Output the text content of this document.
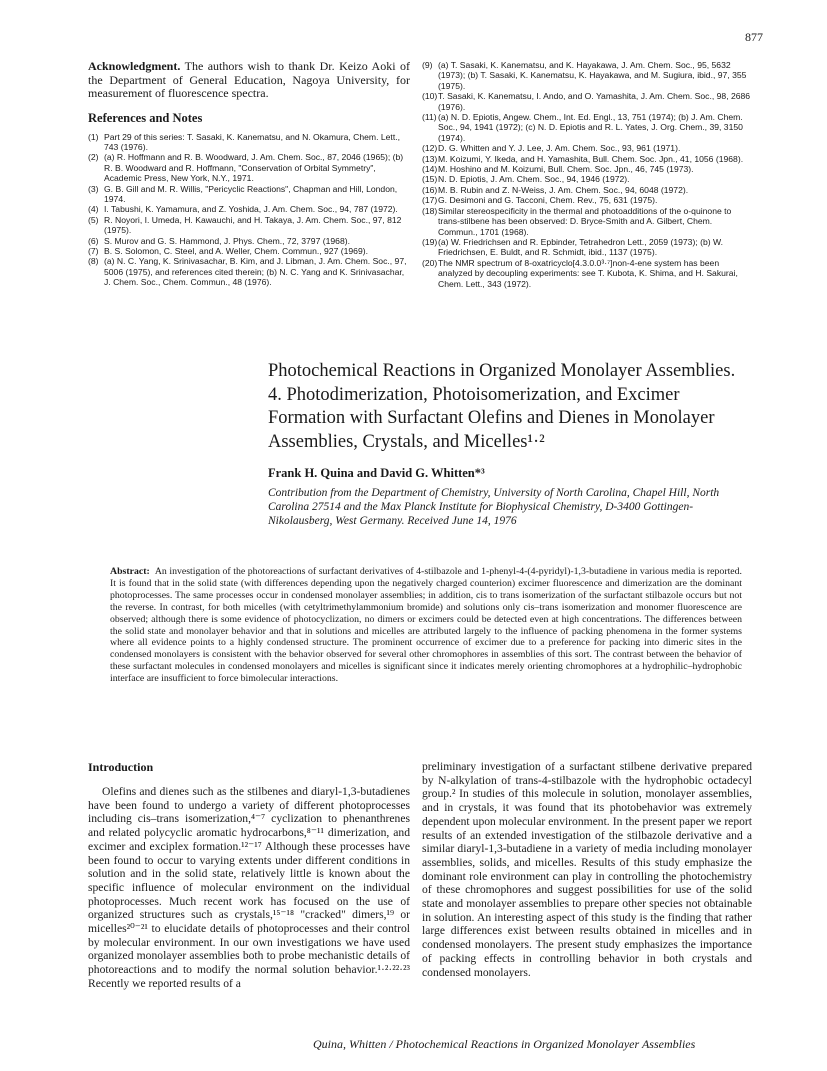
877

Acknowledgment. The authors wish to thank Dr. Keizo Aoki of the Department of General Education, Nagoya University, for measurement of fluorescence spectra.

References and Notes

(1) Part 29 of this series: T. Sasaki, K. Kanematsu, and N. Okamura, Chem. Lett., 743 (1976).
(2) (a) R. Hoffmann and R. B. Woodward, J. Am. Chem. Soc., 87, 2046 (1965); (b) R. B. Woodward and R. Hoffmann, "Conservation of Orbital Symmetry", Academic Press, New York, N.Y., 1971.
(3) G. B. Gill and M. R. Willis, "Pericyclic Reactions", Chapman and Hill, London, 1974.
(4) I. Tabushi, K. Yamamura, and Z. Yoshida, J. Am. Chem. Soc., 94, 787 (1972).
(5) R. Noyori, I. Umeda, H. Kawauchi, and H. Takaya, J. Am. Chem. Soc., 97, 812 (1975).
(6) S. Murov and G. S. Hammond, J. Phys. Chem., 72, 3797 (1968).
(7) B. S. Solomon, C. Steel, and A. Weller, Chem. Commun., 927 (1969).
(8) (a) N. C. Yang, K. Srinivasachar, B. Kim, and J. Libman, J. Am. Chem. Soc., 97, 5006 (1975), and references cited therein; (b) N. C. Yang and K. Srinivasachar, J. Chem. Soc., Chem. Commun., 48 (1976).
(9) (a) T. Sasaki, K. Kanematsu, and K. Hayakawa, J. Am. Chem. Soc., 95, 5632 (1973); (b) T. Sasaki, K. Kanematsu, K. Hayakawa, and M. Sugiura, ibid., 97, 355 (1975).
(10) T. Sasaki, K. Kanematsu, I. Ando, and O. Yamashita, J. Am. Chem. Soc., 98, 2686 (1976).
(11) (a) N. D. Epiotis, Angew. Chem., Int. Ed. Engl., 13, 751 (1974); (b) J. Am. Chem. Soc., 94, 1941 (1972); (c) N. D. Epiotis and R. L. Yates, J. Org. Chem., 39, 3150 (1974).
(12) D. G. Whitten and Y. J. Lee, J. Am. Chem. Soc., 93, 961 (1971).
(13) M. Koizumi, Y. Ikeda, and H. Yamashita, Bull. Chem. Soc. Jpn., 41, 1056 (1968).
(14) M. Hoshino and M. Koizumi, Bull. Chem. Soc. Jpn., 46, 745 (1973).
(15) N. D. Epiotis, J. Am. Chem. Soc., 94, 1946 (1972).
(16) M. B. Rubin and Z. N-Weiss, J. Am. Chem. Soc., 94, 6048 (1972).
(17) G. Desimoni and G. Tacconi, Chem. Rev., 75, 631 (1975).
(18) Similar stereospecificity in the thermal and photoadditions of the o-quinone to trans-stilbene has been observed: D. Bryce-Smith and A. Gilbert, Chem. Commun., 1701 (1968).
(19) (a) W. Friedrichsen and R. Epbinder, Tetrahedron Lett., 2059 (1973); (b) W. Friedrichsen, E. Buldt, and R. Schmidt, ibid., 1137 (1975).
(20) The NMR spectrum of 8-oxatricyclo[4.3.0.0³·⁷]non-4-ene system has been analyzed by decoupling experiments: see T. Kubota, K. Shima, and H. Sakurai, Chem. Lett., 343 (1972).
Photochemical Reactions in Organized Monolayer Assemblies. 4. Photodimerization, Photoisomerization, and Excimer Formation with Surfactant Olefins and Dienes in Monolayer Assemblies, Crystals, and Micelles¹·²
Frank H. Quina and David G. Whitten*³
Contribution from the Department of Chemistry, University of North Carolina, Chapel Hill, North Carolina 27514 and the Max Planck Institute for Biophysical Chemistry, D-3400 Gottingen-Nikolausberg, West Germany. Received June 14, 1976
Abstract: An investigation of the photoreactions of surfactant derivatives of 4-stilbazole and 1-phenyl-4-(4-pyridyl)-1,3-butadiene in various media is reported. It is found that in the solid state (with differences depending upon the negatively charged counterion) excimer fluorescence and dimerization are the dominant photoprocesses. The same processes occur in condensed monolayer assemblies; in addition, cis to trans isomerization of the surfactant stilbazole occurs but not the reverse. In contrast, for both micelles (with cetyltrimethylammonium bromide) and solutions only cis–trans isomerization and monomer fluorescence are observed; although there is some evidence of photocyclization, no dimers or excimers could be detected even at high concentrations. The differences between the solid state and monolayer behavior and that in solutions and micelles are attributed largely to the influence of packing phenomena in the former systems where all evidence points to a highly condensed structure. The prominent occurrence of excimer due to a preference for packing into dimeric sites in the condensed monolayers is consistent with the behavior observed for several other chromophores in assemblies of this sort. The contrast between the behavior of these surfactant molecules in condensed monolayers and micelles is significant since it indicates merely orienting chromophores at a hydrophilic–hydrophobic interface are insufficient to force bimolecular interactions.

Introduction

Olefins and dienes such as the stilbenes and diaryl-1,3-butadienes have been found to undergo a variety of different photoprocesses including cis–trans isomerization,⁴⁻⁷ cyclization to phenanthrenes and related polycyclic aromatic hydrocarbons,⁸⁻¹¹ dimerization, and excimer and exciplex formation.¹²⁻¹⁷ Although these processes have been found to occur to varying extents under different conditions in solution and in the solid state, relatively little is known about the specific influence of molecular environment on the individual photoprocesses. Much recent work has focused on the use of organized structures such as crystals,¹⁵⁻¹⁸ "cracked" dimers,¹⁹ or micelles²⁰⁻²¹ to elucidate details of photoprocesses and their control by molecular environment. In our own investigations we have used organized monolayer assemblies both to probe mechanistic details of photoreactions and to modify the normal solution behavior.¹·²·²²·²³ Recently we reported results of a

preliminary investigation of a surfactant stilbene derivative prepared by N-alkylation of trans-4-stilbazole with the hydrophobic octadecyl group.² In studies of this molecule in solution, monolayer assemblies, and in crystals, it was found that its photobehavior was extremely dependent upon molecular environment. In the present paper we report results of an extended investigation of the stilbazole derivative and a similar diaryl-1,3-butadiene in a variety of media including monolayer assemblies, solids, and micelles. Results of this study emphasize the dominant role environment can play in controlling the photochemistry of these chromophores and suggest possibilities for use of the solid state and monolayer assemblies to prepare other species not obtainable in solution. An interesting aspect of this study is the finding that rather large differences exist between results obtained in micelles and in condensed monolayers. The present study emphasizes the importance of packing effects in controlling behavior in both crystals and condensed monolayers.

Quina, Whitten / Photochemical Reactions in Organized Monolayer Assemblies
